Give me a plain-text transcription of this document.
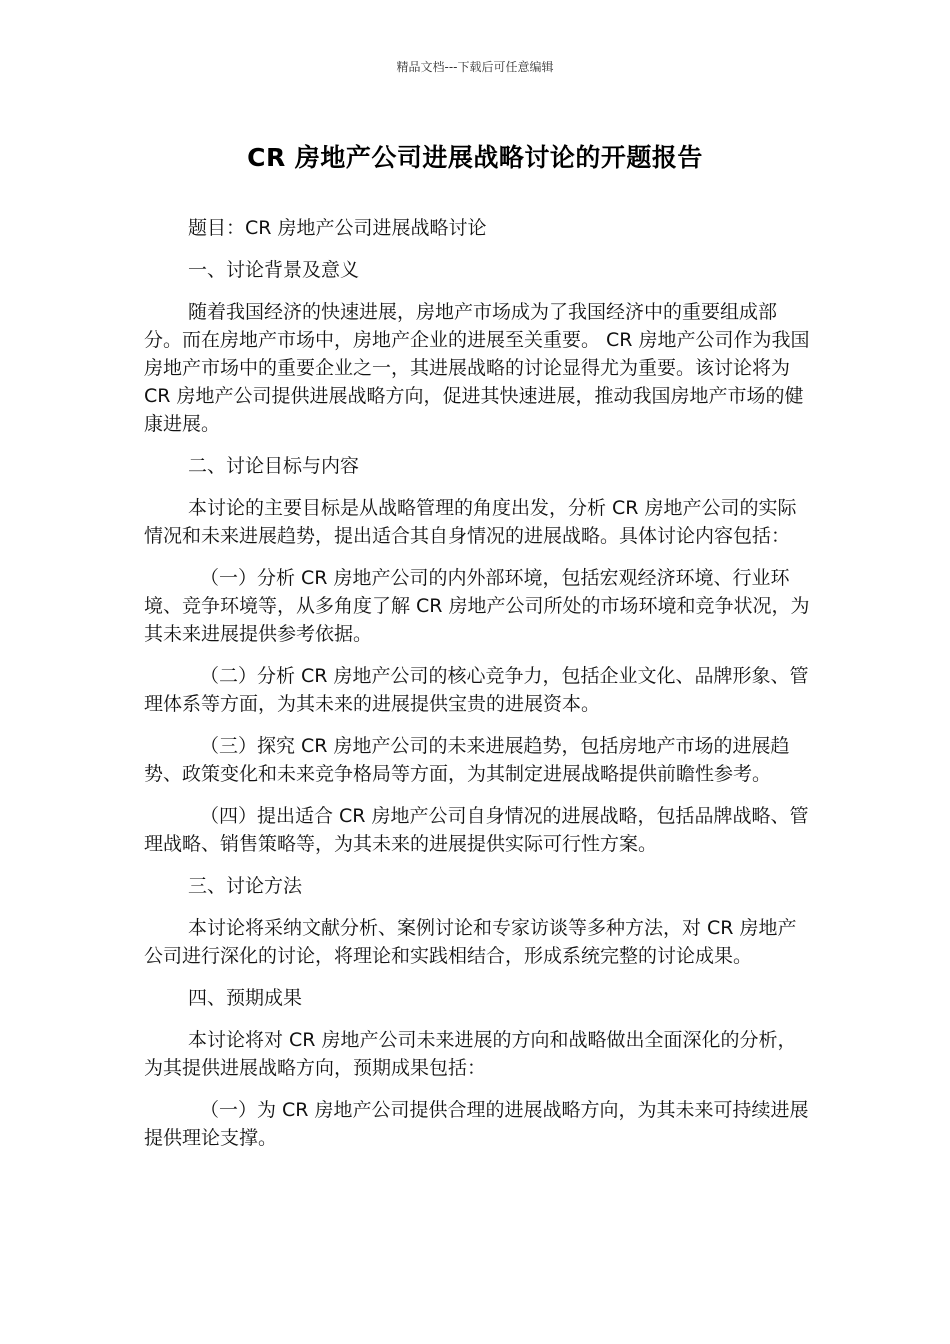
精品文档---下载后可任意编辑
CR 房地产公司进展战略讨论的开题报告

题目：CR 房地产公司进展战略讨论

一、讨论背景及意义

随着我国经济的快速进展，房地产市场成为了我国经济中的重要组成部分。而在房地产市场中，房地产企业的进展至关重要。 CR 房地产公司作为我国房地产市场中的重要企业之一，其进展战略的讨论显得尤为重要。该讨论将为 CR 房地产公司提供进展战略方向，促进其快速进展，推动我国房地产市场的健康进展。

二、讨论目标与内容

本讨论的主要目标是从战略管理的角度出发，分析 CR 房地产公司的实际情况和未来进展趋势，提出适合其自身情况的进展战略。具体讨论内容包括：

（一）分析 CR 房地产公司的内外部环境，包括宏观经济环境、行业环境、竞争环境等，从多角度了解 CR 房地产公司所处的市场环境和竞争状况，为其未来进展提供参考依据。

（二）分析 CR 房地产公司的核心竞争力，包括企业文化、品牌形象、管理体系等方面，为其未来的进展提供宝贵的进展资本。

（三）探究 CR 房地产公司的未来进展趋势，包括房地产市场的进展趋势、政策变化和未来竞争格局等方面，为其制定进展战略提供前瞻性参考。

（四）提出适合 CR 房地产公司自身情况的进展战略，包括品牌战略、管理战略、销售策略等，为其未来的进展提供实际可行性方案。

三、讨论方法

本讨论将采纳文献分析、案例讨论和专家访谈等多种方法，对 CR 房地产公司进行深化的讨论，将理论和实践相结合，形成系统完整的讨论成果。

四、预期成果

本讨论将对 CR 房地产公司未来进展的方向和战略做出全面深化的分析，为其提供进展战略方向，预期成果包括：

（一）为 CR 房地产公司提供合理的进展战略方向，为其未来可持续进展提供理论支撑。
